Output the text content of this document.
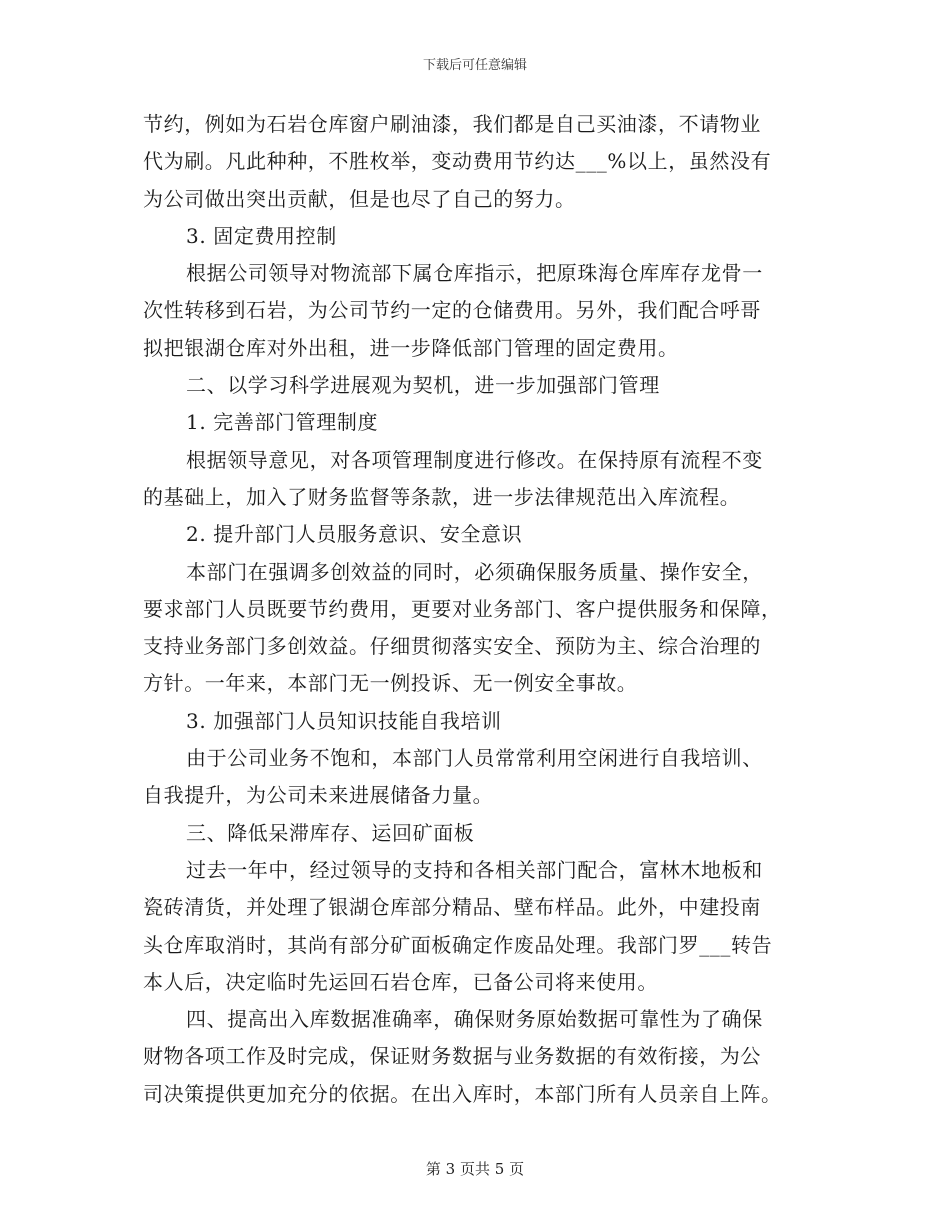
下载后可任意编辑
节约，例如为石岩仓库窗户刷油漆，我们都是自己买油漆，不请物业
代为刷。凡此种种，不胜枚举，变动费用节约达___%以上，虽然没有
为公司做出突出贡献，但是也尽了自己的努力。
3. 固定费用控制
根据公司领导对物流部下属仓库指示，把原珠海仓库库存龙骨一
次性转移到石岩，为公司节约一定的仓储费用。另外，我们配合呼哥
拟把银湖仓库对外出租，进一步降低部门管理的固定费用。
二、以学习科学进展观为契机，进一步加强部门管理
1. 完善部门管理制度
根据领导意见，对各项管理制度进行修改。在保持原有流程不变
的基础上，加入了财务监督等条款，进一步法律规范出入库流程。
2. 提升部门人员服务意识、安全意识
本部门在强调多创效益的同时，必须确保服务质量、操作安全，
要求部门人员既要节约费用，更要对业务部门、客户提供服务和保障，
支持业务部门多创效益。仔细贯彻落实安全、预防为主、综合治理的
方针。一年来，本部门无一例投诉、无一例安全事故。
3. 加强部门人员知识技能自我培训
由于公司业务不饱和，本部门人员常常利用空闲进行自我培训、
自我提升，为公司未来进展储备力量。
三、降低呆滞库存、运回矿面板
过去一年中，经过领导的支持和各相关部门配合，富林木地板和
瓷砖清货，并处理了银湖仓库部分精品、壁布样品。此外，中建投南
头仓库取消时，其尚有部分矿面板确定作废品处理。我部门罗___转告
本人后，决定临时先运回石岩仓库，已备公司将来使用。
四、提高出入库数据准确率，确保财务原始数据可靠性为了确保
财物各项工作及时完成，保证财务数据与业务数据的有效衔接，为公
司决策提供更加充分的依据。在出入库时，本部门所有人员亲自上阵。
第 3 页共 5 页
